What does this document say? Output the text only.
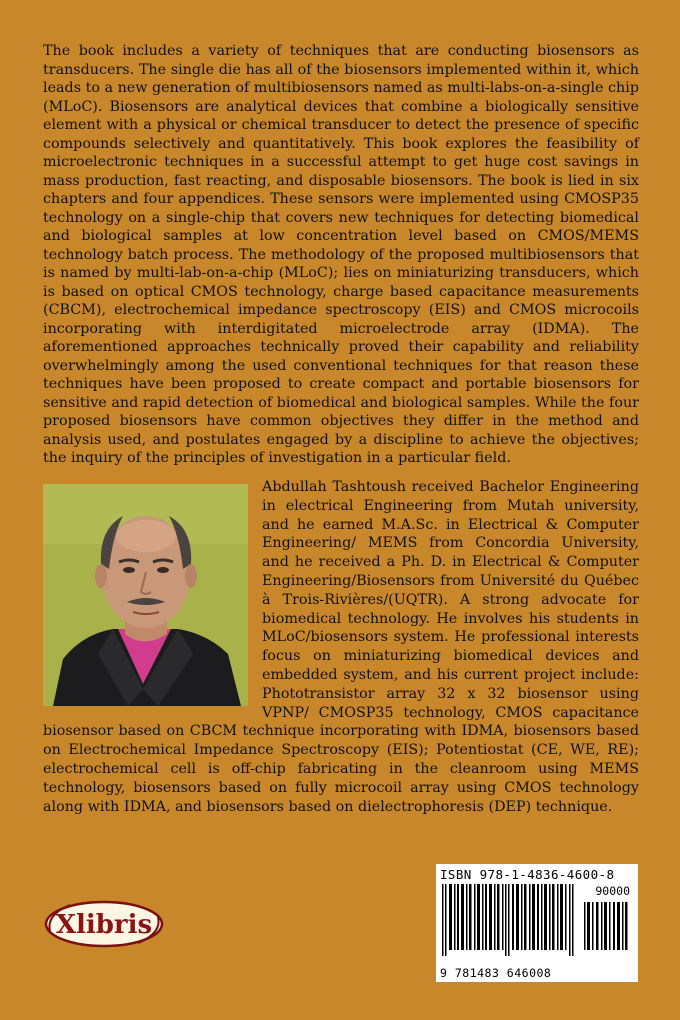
The book includes a variety of techniques that are conducting biosensors as transducers. The single die has all of the biosensors implemented within it, which leads to a new generation of multibiosensors named as multi-labs-on-a-single chip (MLoC). Biosensors are analytical devices that combine a biologically sensitive element with a physical or chemical transducer to detect the presence of specific compounds selectively and quantitatively. This book explores the feasibility of microelectronic techniques in a successful attempt to get huge cost savings in mass production, fast reacting, and disposable biosensors. The book is lied in six chapters and four appendices. These sensors were implemented using CMOSP35 technology on a single-chip that covers new techniques for detecting biomedical and biological samples at low concentration level based on CMOS/MEMS technology batch process. The methodology of the proposed multibiosensors that is named by multi-lab-on-a-chip (MLoC); lies on miniaturizing transducers, which is based on optical CMOS technology, charge based capacitance measurements (CBCM), electrochemical impedance spectroscopy (EIS) and CMOS microcoils incorporating with interdigitated microelectrode array (IDMA). The aforementioned approaches technically proved their capability and reliability overwhelmingly among the used conventional techniques for that reason these techniques have been proposed to create compact and portable biosensors for sensitive and rapid detection of biomedical and biological samples. While the four proposed biosensors have common objectives they differ in the method and analysis used, and postulates engaged by a discipline to achieve the objectives; the inquiry of the principles of investigation in a particular field.

Abdullah Tashtoush received Bachelor Engineering in electrical Engineering from Mutah university, and he earned M.A.Sc. in Electrical & Computer Engineering/ MEMS from Concordia University, and he received a Ph. D. in Electrical & Computer Engineering/Biosensors from Université du Québec à Trois-Rivières/(UQTR). A strong advocate for biomedical technology. He involves his students in MLoC/biosensors system. He professional interests focus on miniaturizing biomedical devices and embedded system, and his current project include: Phototransistor array 32 x 32 biosensor using VPNP/ CMOSP35 technology, CMOS capacitance biosensor based on CBCM technique incorporating with IDMA, biosensors based on Electrochemical Impedance Spectroscopy (EIS); Potentiostat (CE, WE, RE); electrochemical cell is off-chip fabricating in the cleanroom using MEMS technology, biosensors based on fully microcoil array using CMOS technology along with IDMA, and biosensors based on dielectrophoresis (DEP) technique.
Xlibris
ISBN 978-1-4836-4600-8
90000
9 781483 646008
